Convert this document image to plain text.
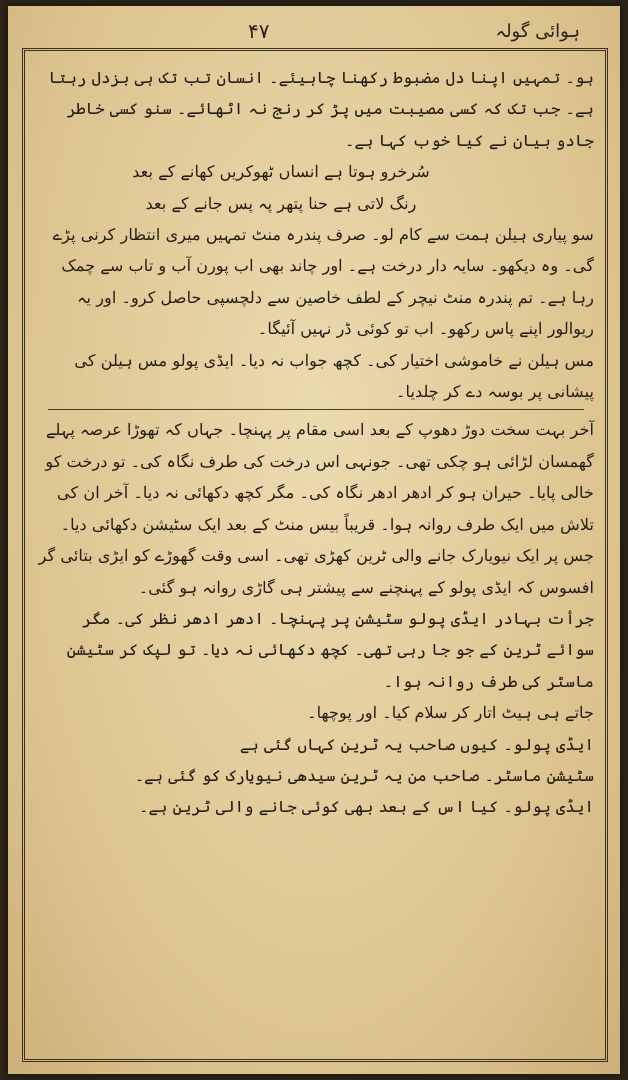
۴۷	ہوائی گولہ

ہو۔ تمہیں اپنا دل مضبوط رکھنا چاہیئے۔ انسان تب تک ہی بزدل رہتا ہے۔ جب تک کہ کسی مصیبت میں پڑ کر رنج نہ اٹھائے۔ سنو کسی خاطر جادو بیان نے کیا خوب کہا ہے۔

سُرخرو ہوتا ہے انساں ٹھوکریں کھانے کے بعد

رنگ لاتی ہے حنا پتھر پہ پس جانے کے بعد

سو پیاری ہیلن ہمت سے کام لو۔ صرف پندرہ منٹ تمہیں میری انتظار کرنی پڑے گی۔ وہ دیکھو۔ سایہ دار درخت ہے۔ اور چاند بھی اب پورن آب و تاب سے چمک رہا ہے۔ تم پندرہ منٹ نیچر کے لطف خاصین سے دلچسپی حاصل کرو۔ اور یہ ریوالور اپنے پاس رکھو۔ اب تو کوئی ڈر نہیں آئیگا۔

مس ہیلن نے خاموشی اختیار کی۔ کچھ جواب نہ دیا۔ ایڈی پولو مس ہیلن کی پیشانی پر بوسہ دے کر چلدیا۔

آخر بہت سخت دوڑ دھوپ کے بعد اسی مقام پر پہنچا۔ جہاں کہ تھوڑا عرصہ پہلے گھمسان لڑائی ہو چکی تھی۔ جونہی اس درخت کی طرف نگاہ کی۔ تو درخت کو خالی پایا۔ حیران ہو کر ادھر ادھر نگاہ کی۔ مگر کچھ دکھائی نہ دیا۔ آخر ان کی تلاش میں ایک طرف روانہ ہوا۔ قریباً بیس منٹ کے بعد ایک سٹیشن دکھائی دیا۔ جس پر ایک نیویارک جانے والی ٹرین کھڑی تھی۔ اسی وقت گھوڑے کو ایڑی بتائی گر افسوس کہ ایڈی پولو کے پہنچنے سے پیشتر ہی گاڑی روانہ ہو گئی۔

جرأت بہادر ایڈی پولو سٹیشن پر پہنچا۔ ادھر ادھر نظر کی۔ مگر سوائے ٹرین کے جو جا رہی تھی۔ کچھ دکھائی نہ دیا۔ تو لپک کر سٹیشن ماسٹر کی طرف روانہ ہوا۔

جاتے ہی ہیٹ اتار کر سلام کیا۔ اور پوچھا۔

ایڈی پولو۔ کیوں صاحب یہ ٹرین کہاں گئی ہے

سٹیشن ماسٹر۔ صاحب من یہ ٹرین سیدھی نیویارک کو گئی ہے۔

ایڈی پولو۔ کیا اس کے بعد بھی کوئی جانے والی ٹرین ہے۔
